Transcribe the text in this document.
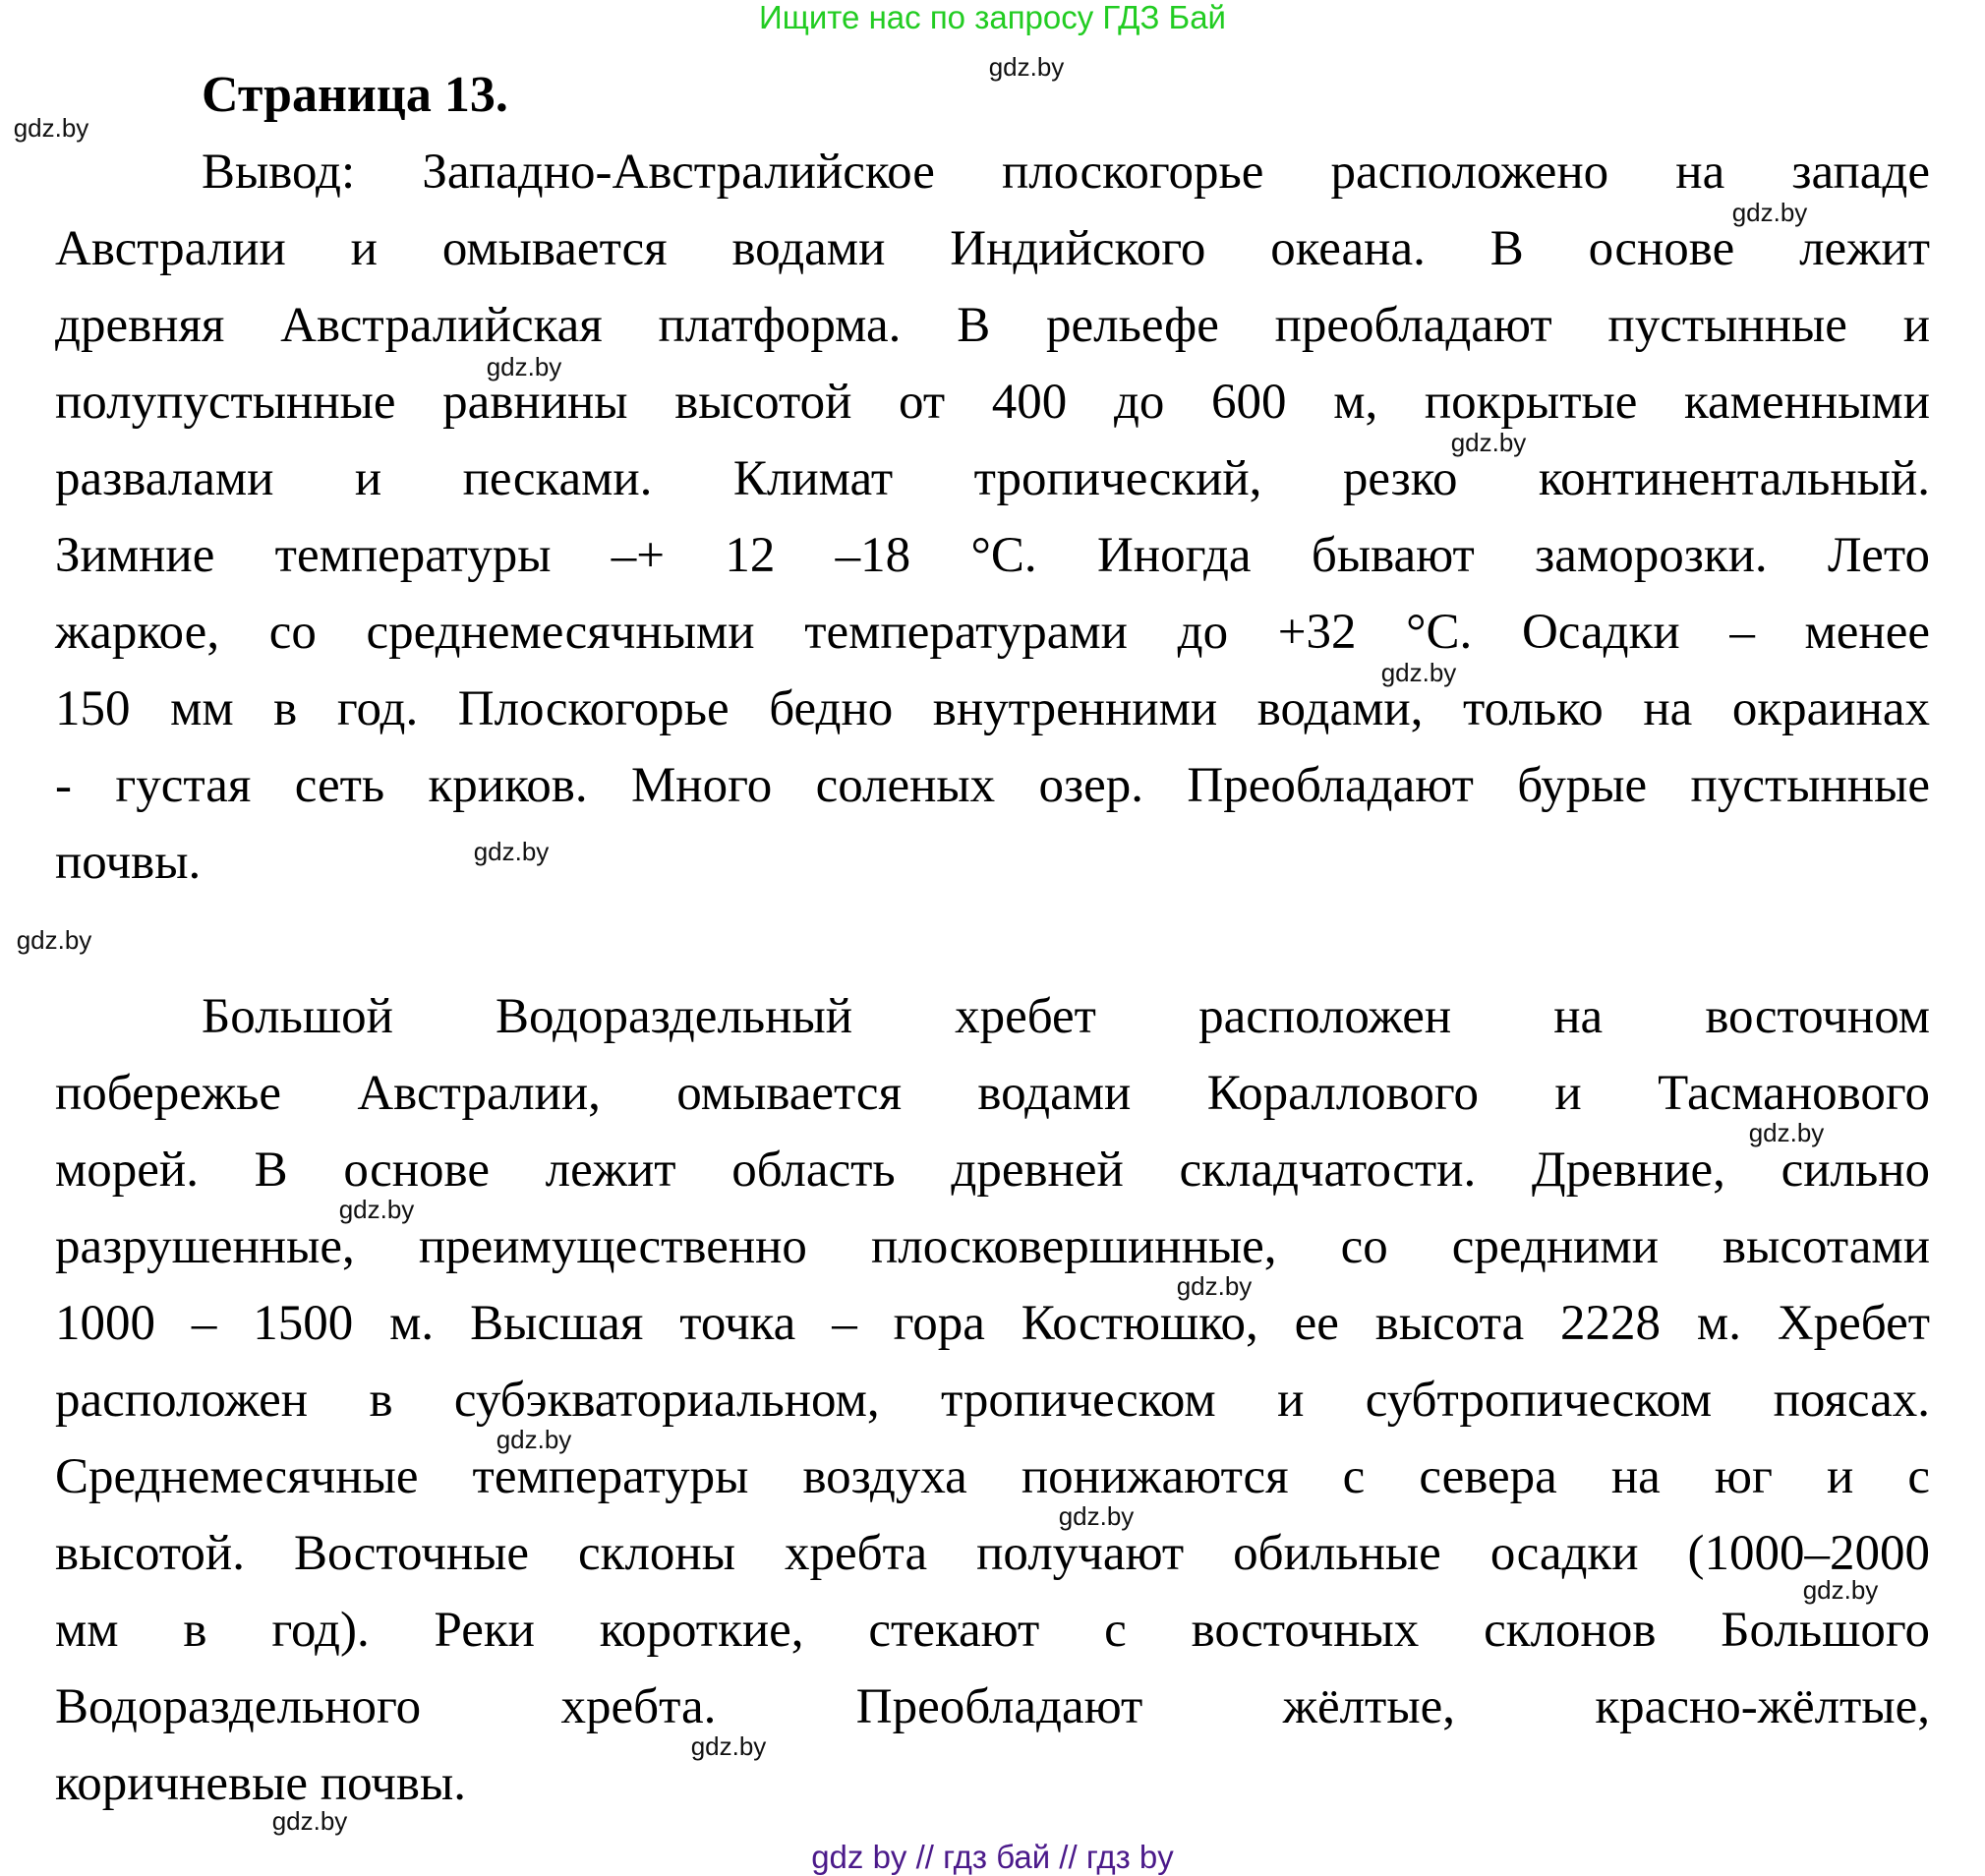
Ищите нас по запросу ГДЗ Бай
Страница 13.
Вывод: Западно-Австралийское плоскогорье расположено на западе
Австралии и омывается водами Индийского океана. В основе лежит
древняя Австралийская платформа. В рельефе преобладают пустынные и
полупустынные равнины высотой от 400 до 600 м, покрытые каменными
развалами и песками. Климат тропический, резко континентальный.
Зимние температуры –+ 12 –18 °С. Иногда бывают заморозки. Лето
жаркое, со среднемесячными температурами до +32 °С. Осадки – менее
150 мм в год. Плоскогорье бедно внутренними водами, только на окраинах
- густая сеть криков. Много соленых озер. Преобладают бурые пустынные
почвы.
Большой Водораздельный хребет расположен на восточном
побережье Австралии, омывается водами Кораллового и Тасманового
морей. В основе лежит область древней складчатости. Древние, сильно
разрушенные, преимущественно плосковершинные, со средними высотами
1000 – 1500 м. Высшая точка – гора Костюшко, ее высота 2228 м. Хребет
расположен в субэкваториальном, тропическом и субтропическом поясах.
Среднемесячные температуры воздуха понижаются с севера на юг и с
высотой. Восточные склоны хребта получают обильные осадки (1000–2000
мм в год). Реки короткие, стекают с восточных склонов Большого
Водораздельного хребта. Преобладают жёлтые, красно-жёлтые,
коричневые почвы.
gdz.by
gdz.by
gdz.by
gdz.by
gdz.by
gdz.by
gdz.by
gdz.by
gdz.by
gdz.by
gdz.by
gdz.by
gdz.by
gdz.by
gdz.by
gdz.by
gdz by // гдз бай // гдз by
